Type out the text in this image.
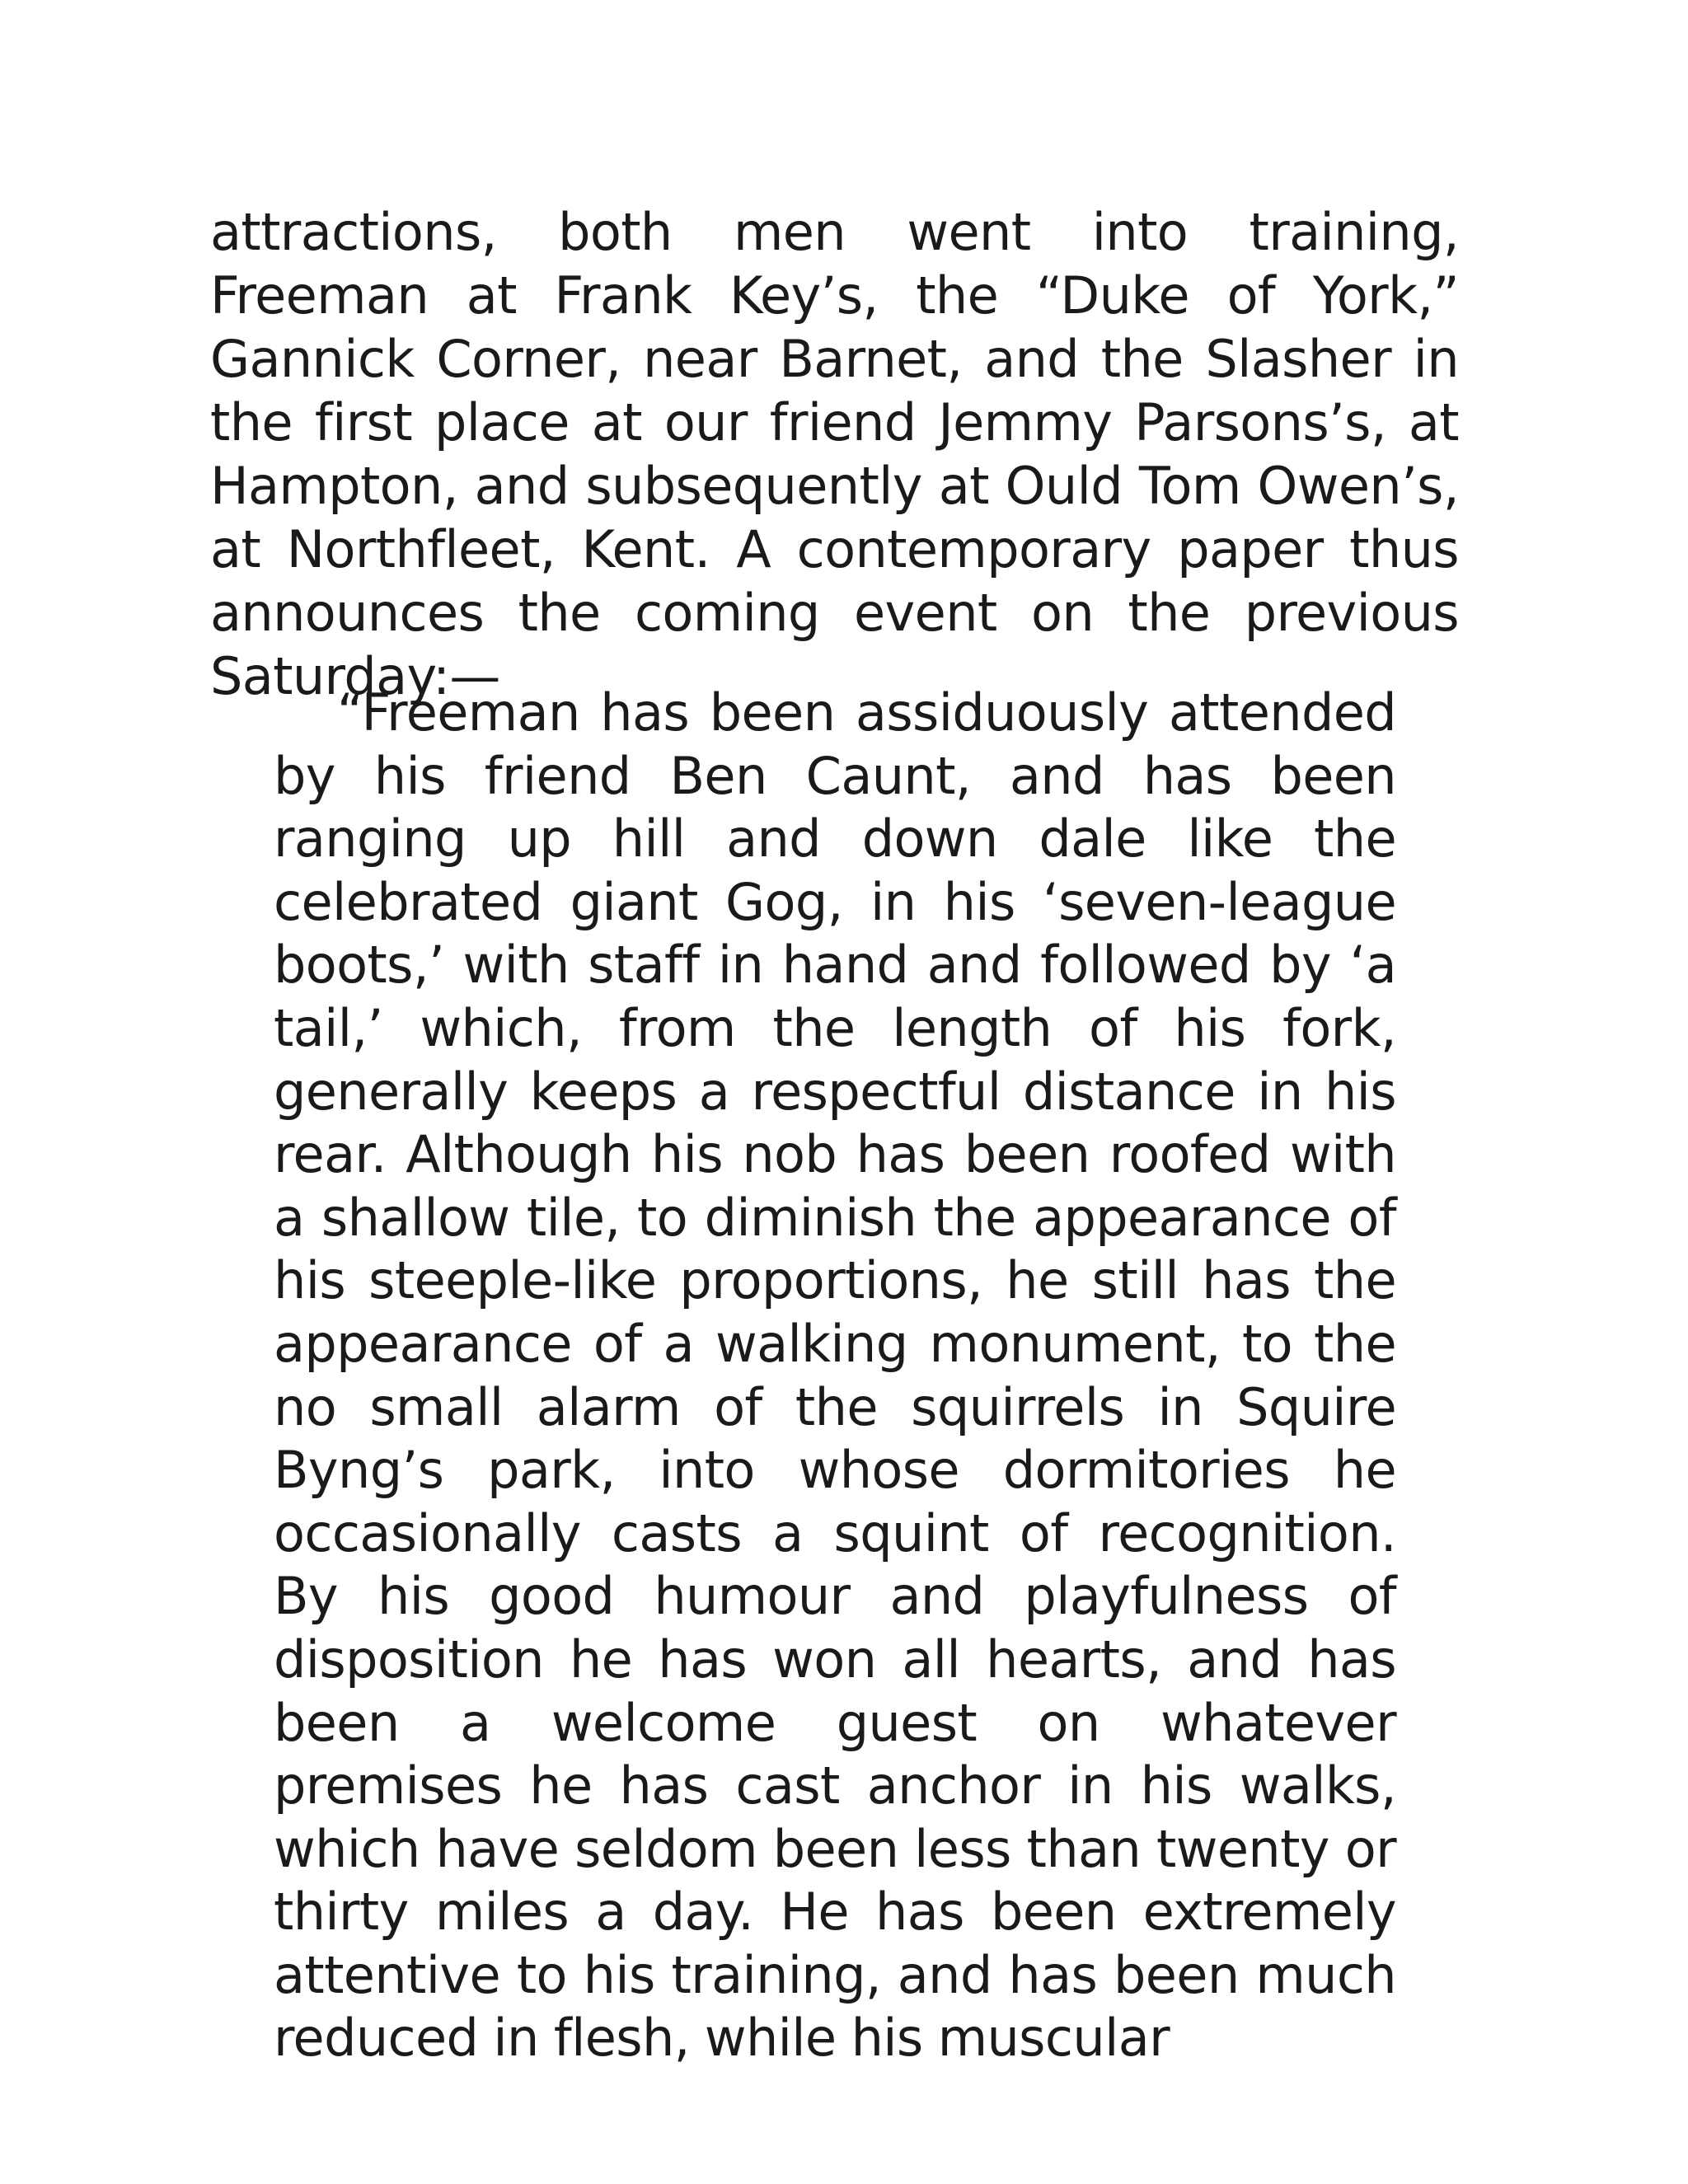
attractions, both men went into training, Freeman at Frank Key’s, the “Duke of York,” Gannick Corner, near Barnet, and the Slasher in the first place at our friend Jemmy Parsons’s, at Hampton, and subsequently at Ould Tom Owen’s, at Northfleet, Kent. A contemporary paper thus announces the coming event on the previous Saturday:—

“Freeman has been assiduously attended by his friend Ben Caunt, and has been ranging up hill and down dale like the celebrated giant Gog, in his ‘seven-league boots,’ with staff in hand and followed by ‘a tail,’ which, from the length of his fork, generally keeps a respectful distance in his rear. Although his nob has been roofed with a shallow tile, to diminish the appearance of his steeple-like proportions, he still has the appearance of a walking monument, to the no small alarm of the squirrels in Squire Byng’s park, into whose dormitories he occasionally casts a squint of recognition. By his good humour and playfulness of disposition he has won all hearts, and has been a welcome guest on whatever premises he has cast anchor in his walks, which have seldom been less than twenty or thirty miles a day. He has been extremely attentive to his training, and has been much reduced in flesh, while his muscular
